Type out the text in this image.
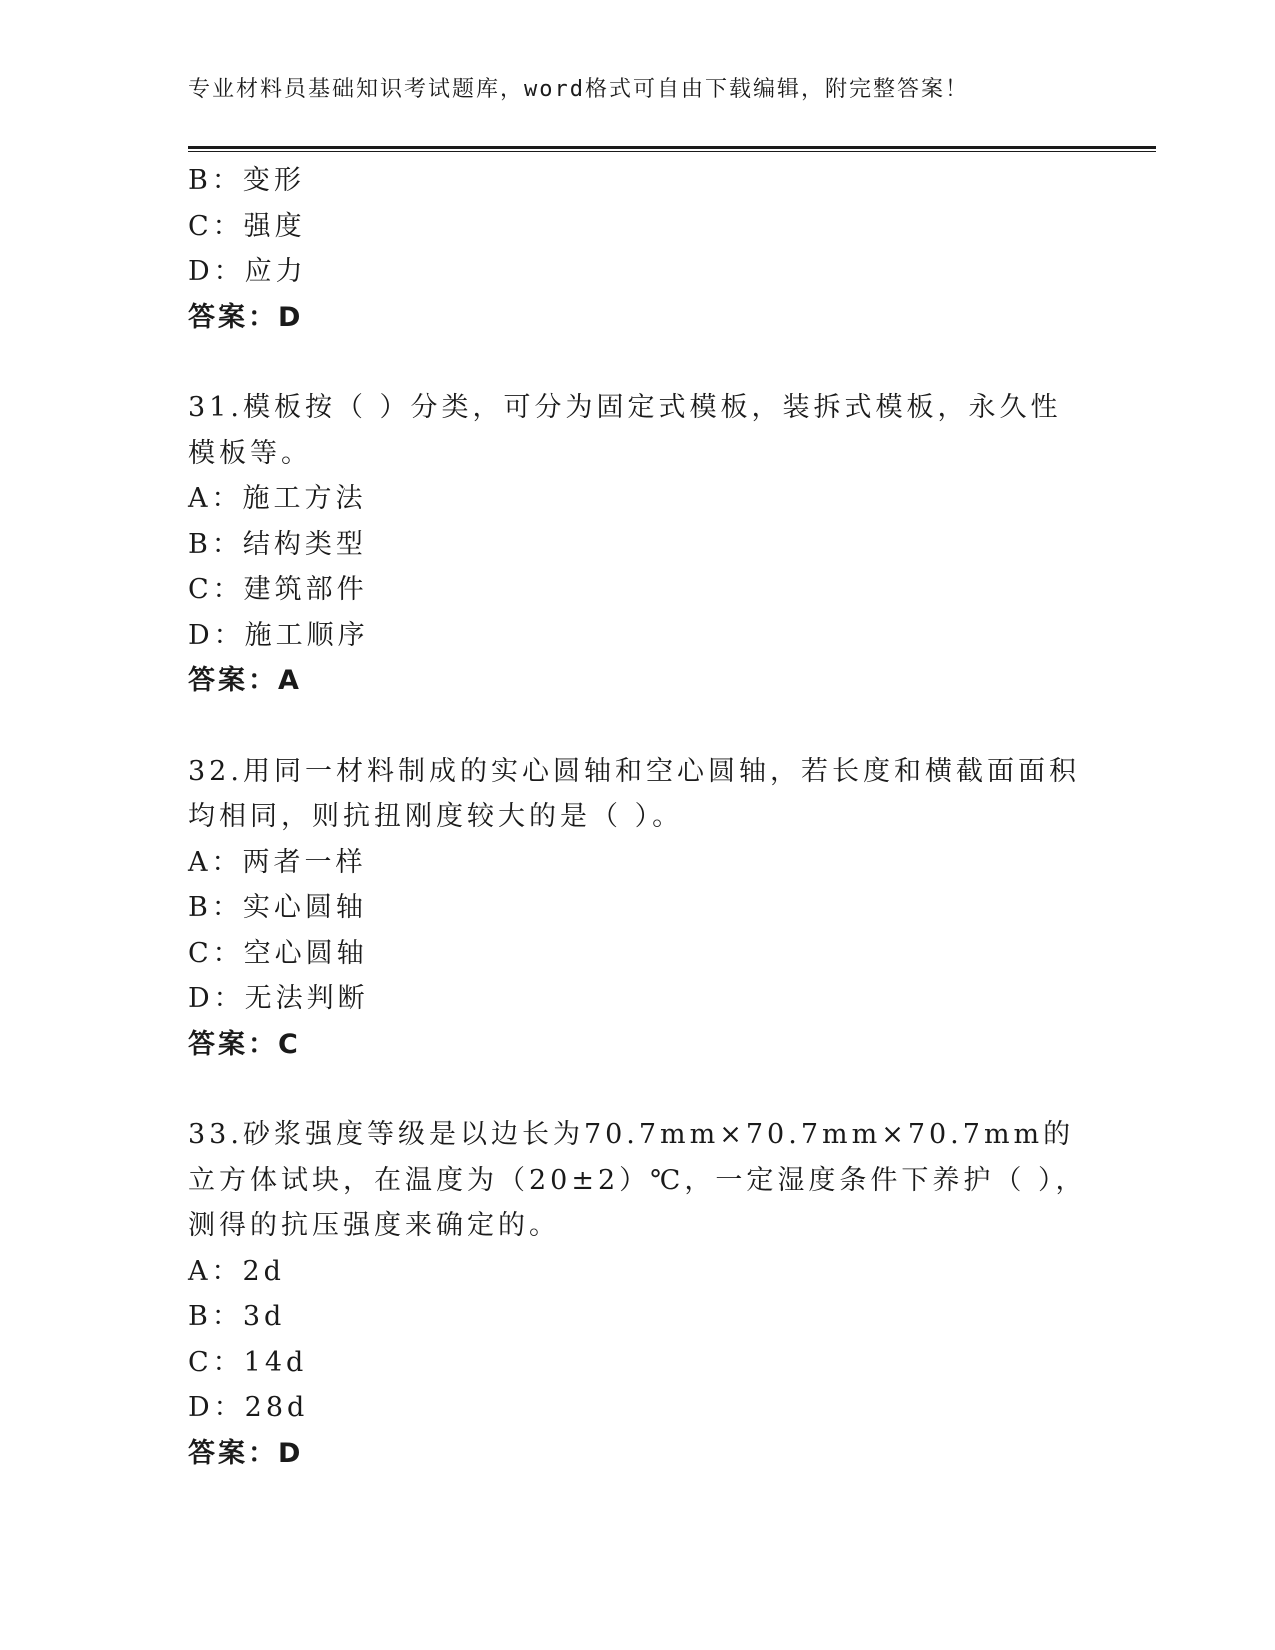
专业材料员基础知识考试题库，word格式可自由下载编辑，附完整答案！
B：变形
C：强度
D：应力
答案：D
31.模板按（ ）分类，可分为固定式模板，装拆式模板，永久性模板等。
A：施工方法
B：结构类型
C：建筑部件
D：施工顺序
答案：A
32.用同一材料制成的实心圆轴和空心圆轴，若长度和横截面面积均相同，则抗扭刚度较大的是（ ）。
A：两者一样
B：实心圆轴
C：空心圆轴
D：无法判断
答案：C
33.砂浆强度等级是以边长为70.7mm×70.7mm×70.7mm的立方体试块，在温度为（20±2）℃，一定湿度条件下养护（ ），测得的抗压强度来确定的。
A：2d
B：3d
C：14d
D：28d
答案：D
